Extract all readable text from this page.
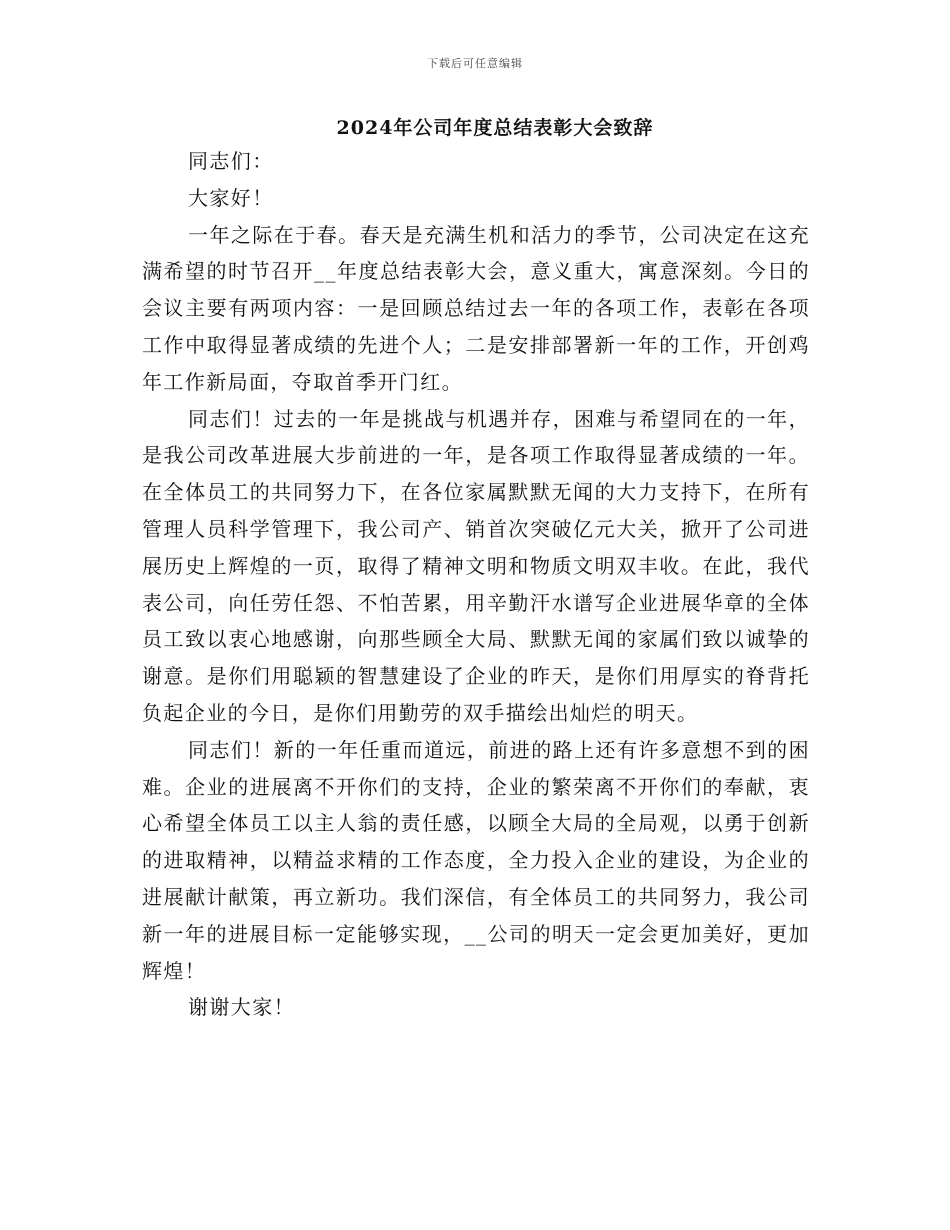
下载后可任意编辑
2024年公司年度总结表彰大会致辞

同志们：

大家好！

一年之际在于春。春天是充满生机和活力的季节，公司决定在这充满希望的时节召开__年度总结表彰大会，意义重大，寓意深刻。今日的会议主要有两项内容：一是回顾总结过去一年的各项工作，表彰在各项工作中取得显著成绩的先进个人；二是安排部署新一年的工作，开创鸡年工作新局面，夺取首季开门红。

同志们！过去的一年是挑战与机遇并存，困难与希望同在的一年，是我公司改革进展大步前进的一年，是各项工作取得显著成绩的一年。在全体员工的共同努力下，在各位家属默默无闻的大力支持下，在所有管理人员科学管理下，我公司产、销首次突破亿元大关，掀开了公司进展历史上辉煌的一页，取得了精神文明和物质文明双丰收。在此，我代表公司，向任劳任怨、不怕苦累，用辛勤汗水谱写企业进展华章的全体员工致以衷心地感谢，向那些顾全大局、默默无闻的家属们致以诚挚的谢意。是你们用聪颖的智慧建设了企业的昨天，是你们用厚实的脊背托负起企业的今日，是你们用勤劳的双手描绘出灿烂的明天。

同志们！新的一年任重而道远，前进的路上还有许多意想不到的困难。企业的进展离不开你们的支持，企业的繁荣离不开你们的奉献，衷心希望全体员工以主人翁的责任感，以顾全大局的全局观，以勇于创新的进取精神，以精益求精的工作态度，全力投入企业的建设，为企业的进展献计献策，再立新功。我们深信，有全体员工的共同努力，我公司新一年的进展目标一定能够实现，__公司的明天一定会更加美好，更加辉煌！

谢谢大家！
